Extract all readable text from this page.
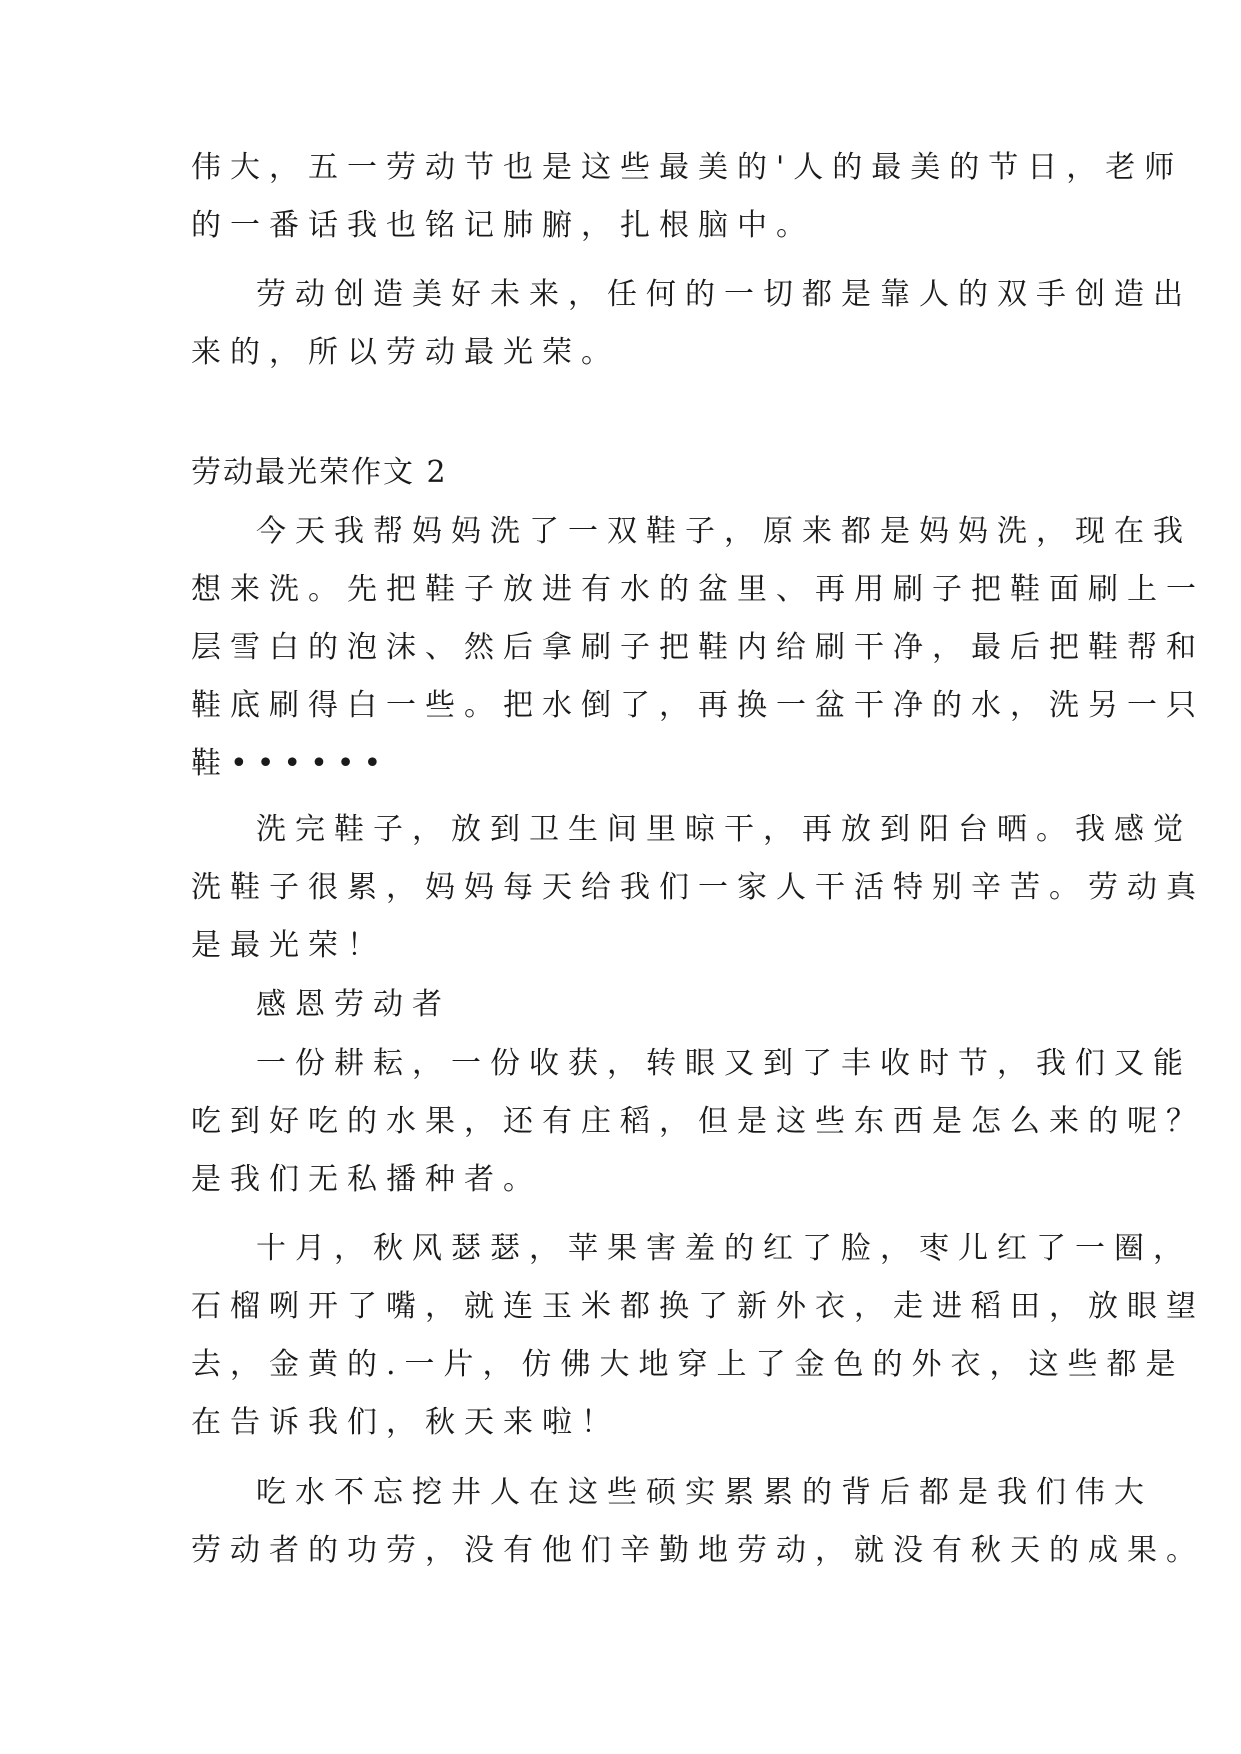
伟大，五一劳动节也是这些最美的'人的最美的节日，老师
的一番话我也铭记肺腑，扎根脑中。
劳动创造美好未来，任何的一切都是靠人的双手创造出
来的，所以劳动最光荣。
劳动最光荣作文 2
今天我帮妈妈洗了一双鞋子，原来都是妈妈洗，现在我
想来洗。先把鞋子放进有水的盆里、再用刷子把鞋面刷上一
层雪白的泡沫、然后拿刷子把鞋内给刷干净，最后把鞋帮和
鞋底刷得白一些。把水倒了，再换一盆干净的水，洗另一只
鞋••••••
洗完鞋子，放到卫生间里晾干，再放到阳台晒。我感觉
洗鞋子很累，妈妈每天给我们一家人干活特别辛苦。劳动真
是最光荣！
感恩劳动者
一份耕耘，一份收获，转眼又到了丰收时节，我们又能
吃到好吃的水果，还有庄稻，但是这些东西是怎么来的呢？
是我们无私播种者。
十月，秋风瑟瑟，苹果害羞的红了脸，枣儿红了一圈，
石榴咧开了嘴，就连玉米都换了新外衣，走进稻田，放眼望
去，金黄的.一片，仿佛大地穿上了金色的外衣，这些都是
在告诉我们，秋天来啦！
吃水不忘挖井人在这些硕实累累的背后都是我们伟大
劳动者的功劳，没有他们辛勤地劳动，就没有秋天的成果。
